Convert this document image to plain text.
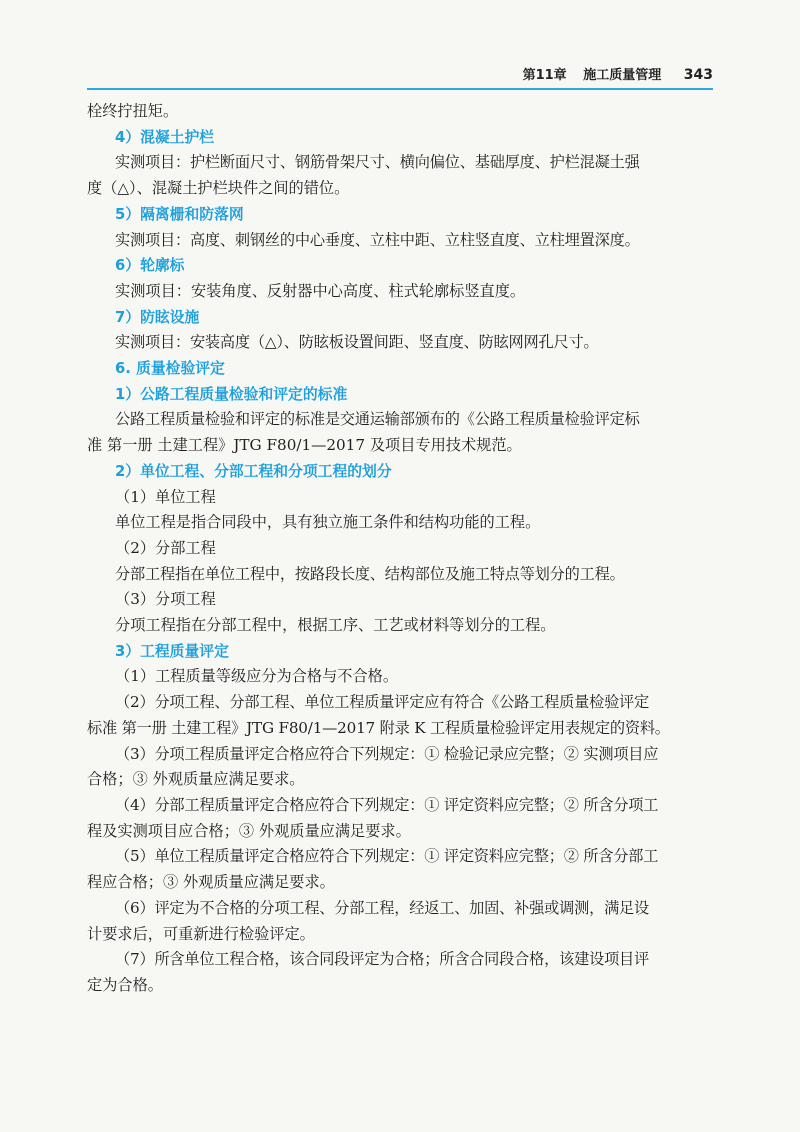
第11章 施工质量管理 343
栓终拧扭矩。
4）混凝土护栏
实测项目：护栏断面尺寸、钢筋骨架尺寸、横向偏位、基础厚度、护栏混凝土强
度（△）、混凝土护栏块件之间的错位。
5）隔离栅和防落网
实测项目：高度、刺钢丝的中心垂度、立柱中距、立柱竖直度、立柱埋置深度。
6）轮廓标
实测项目：安装角度、反射器中心高度、柱式轮廓标竖直度。
7）防眩设施
实测项目：安装高度（△）、防眩板设置间距、竖直度、防眩网网孔尺寸。
6. 质量检验评定
1）公路工程质量检验和评定的标准
公路工程质量检验和评定的标准是交通运输部颁布的《公路工程质量检验评定标
准 第一册 土建工程》JTG F80/1—2017 及项目专用技术规范。
2）单位工程、分部工程和分项工程的划分
（1）单位工程
单位工程是指合同段中，具有独立施工条件和结构功能的工程。
（2）分部工程
分部工程指在单位工程中，按路段长度、结构部位及施工特点等划分的工程。
（3）分项工程
分项工程指在分部工程中，根据工序、工艺或材料等划分的工程。
3）工程质量评定
（1）工程质量等级应分为合格与不合格。
（2）分项工程、分部工程、单位工程质量评定应有符合《公路工程质量检验评定
标准 第一册 土建工程》JTG F80/1—2017 附录 K 工程质量检验评定用表规定的资料。
（3）分项工程质量评定合格应符合下列规定：① 检验记录应完整；② 实测项目应
合格；③ 外观质量应满足要求。
（4）分部工程质量评定合格应符合下列规定：① 评定资料应完整；② 所含分项工
程及实测项目应合格；③ 外观质量应满足要求。
（5）单位工程质量评定合格应符合下列规定：① 评定资料应完整；② 所含分部工
程应合格；③ 外观质量应满足要求。
（6）评定为不合格的分项工程、分部工程，经返工、加固、补强或调测，满足设
计要求后，可重新进行检验评定。
（7）所含单位工程合格，该合同段评定为合格；所含合同段合格，该建设项目评
定为合格。
